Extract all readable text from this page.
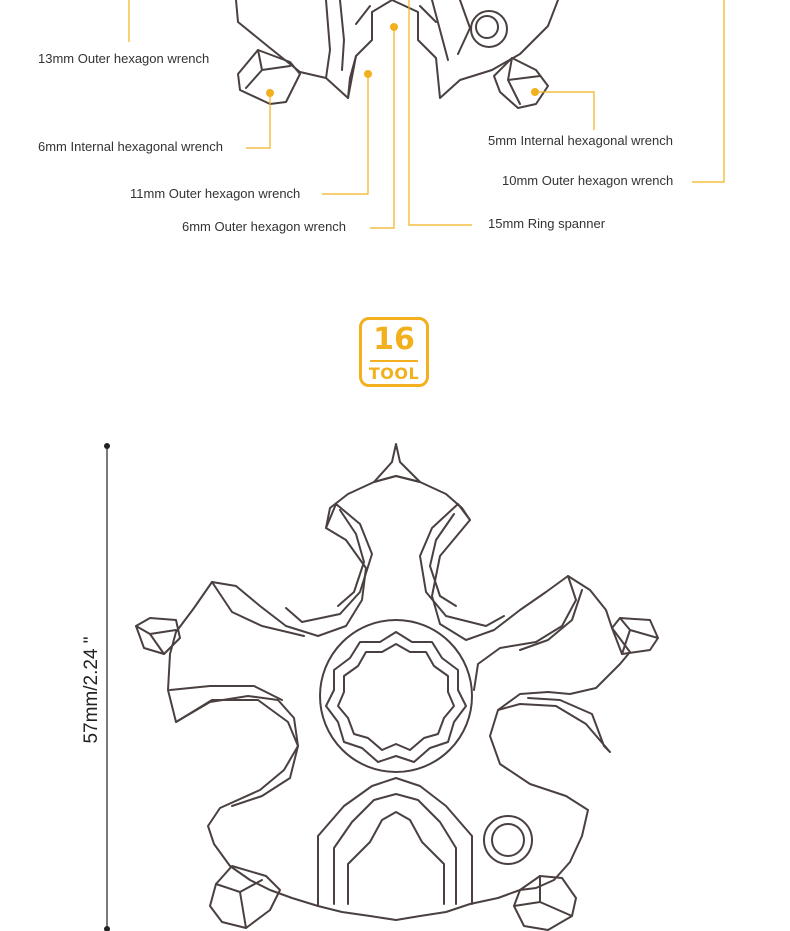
13mm Outer hexagon wrench
6mm Internal hexagonal wrench
11mm Outer hexagon wrench
6mm Outer hexagon wrench	15mm Ring spanner
5mm Internal hexagonal wrench
10mm Outer hexagon wrench
16
TOOL
57mm/2.24 "
